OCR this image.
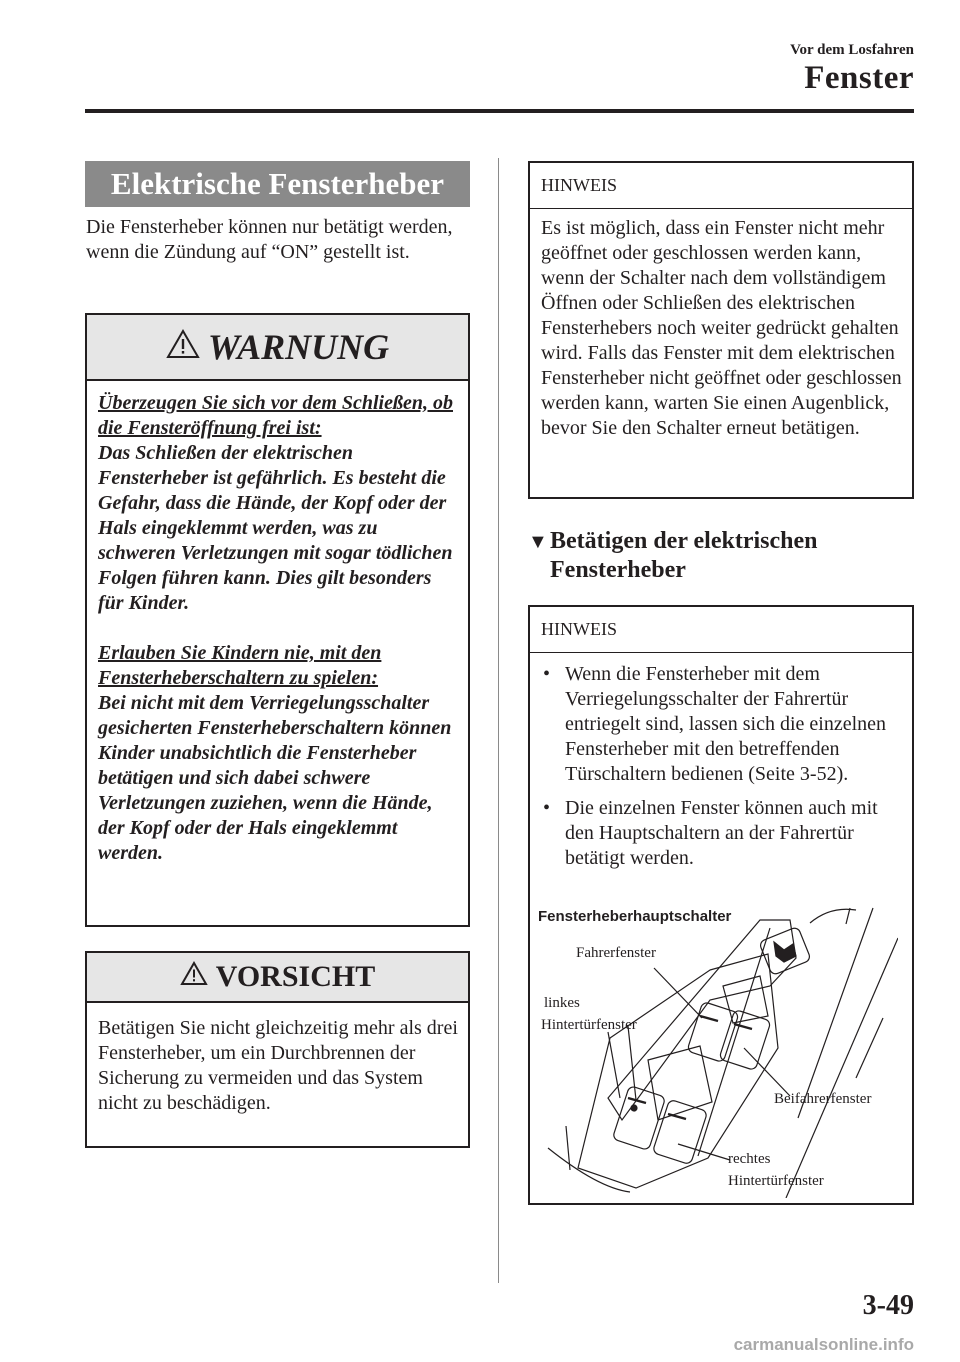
Vor dem Losfahren
Fenster
Elektrische Fensterheber
Die Fensterheber können nur betätigt werden, wenn die Zündung auf “ON” gestellt ist.
WARNUNG

Überzeugen Sie sich vor dem Schließen, ob die Fensteröffnung frei ist:

Das Schließen der elektrischen Fensterheber ist gefährlich. Es besteht die Gefahr, dass die Hände, der Kopf oder der Hals eingeklemmt werden, was zu schweren Verletzungen mit sogar tödlichen Folgen führen kann. Dies gilt besonders für Kinder.

Erlauben Sie Kindern nie, mit den Fensterheberschaltern zu spielen:

Bei nicht mit dem Verriegelungsschalter gesicherten Fensterheberschaltern können Kinder unabsichtlich die Fensterheber betätigen und sich dabei schwere Verletzungen zuziehen, wenn die Hände, der Kopf oder der Hals eingeklemmt werden.

VORSICHT
Betätigen Sie nicht gleichzeitig mehr als drei Fensterheber, um ein Durchbrennen der Sicherung zu vermeiden und das System nicht zu beschädigen.
HINWEIS
Es ist möglich, dass ein Fenster nicht mehr geöffnet oder geschlossen werden kann, wenn der Schalter nach dem vollständigem Öffnen oder Schließen des elektrischen Fensterhebers noch weiter gedrückt gehalten wird. Falls das Fenster mit dem elektrischen Fensterheber nicht geöffnet oder geschlossen werden kann, warten Sie einen Augenblick, bevor Sie den Schalter erneut betätigen.
▼Betätigen der elektrischen
Fensterheber
HINWEIS
• Wenn die Fensterheber mit dem Verriegelungsschalter der Fahrertür entriegelt sind, lassen sich die einzelnen Fensterheber mit den betreffenden Türschaltern bedienen (Seite 3-52).
• Die einzelnen Fenster können auch mit den Hauptschaltern an der Fahrertür betätigt werden.
Fensterheberhauptschalter
Fahrerfenster
linkes
Hintertürfenster
Beifahrerfenster
rechtes
Hintertürfenster
3-49
carmanualsonline.info
